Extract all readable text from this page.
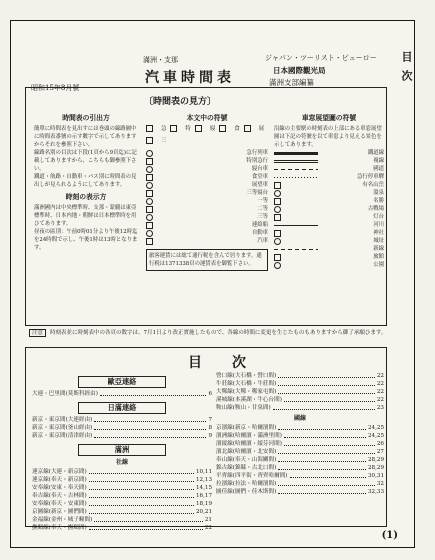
目次
昭和15年8月號
滿洲・支那
汽車時間表
ジャパン・ツーリスト・ビューロー
日本國際觀光局
滿洲支部編纂
〔時間表の見方〕
時間表の引出方
簡單に時間表を見出すには巻頭の線路圖中に時間表番號の示す數字で示してありますからそれを參照下さい。
線路名別の目次は下段(1頁から9頁迄)に記載してありますから、こちらも御參照下さい。
鐵道・航路・自動車・バス別に時間表の見出しが見られるようにしてあります。
時刻の表示方
滿洲國内は中央標準時、支那・蒙疆は東亞標準時、日本内地・朝鮮は日本標準時を用ひてあります。
昼夜の區別：午前0時01分より午後12時迄を24時間で示し、午後1時は13時となります。
本文中の符號
急	特	寢	食	展
三
急行列車
特別急行
寢台車
食堂車
展望車
三等寢台
一等
二等
三等
連絡船
自動車
汽車
旅客運賃には総て通行税を含んで居ります。通行税は1371338頁の運賃表を御覧下さい。
車窓展望圖の符號
沿線の主要駅の時刻表の上部にある車窓展望圖は下記の符號を以て車窓より見える景色を示してあります。
鐵道線
複線
國道
急行停車驛
有名山岳
溫泉
名勝
古戰場
灯台
河川
神社
城址
新線
旅館
公園
注意 時刻表並に時刻表中の各頁の数字は、7月1日より改正實施したもので、各線の時間に変更を生じたものもありますから御了承願ひます。
目次
歐亞連絡
大連・巴里間(莫斯科經由)	6
日滿連絡
新京・東京間(大連經由)	7
新京・東京間(釜山經由)	8
新京・東京間(清津經由)	9
滿洲
社線
連京線(大連・新京間)	10,11
連京線(奉天・新京間)	12,13
安奉線(安東・奉天間)	14,15
奉吉線(奉天・吉林間)	16,17
安奉線(奉天・安東間)	18,19
京圖線(新京・圖們間)	20,21
金福線(金州・城子疃間)	21
撫順線(奉天・撫順間)	22
營口線(大石橋・營口間)	22
牛莊線(大石橋・牛莊間)	22
大鄭線(大鄭・鄭家屯間)	22
溪城線(本溪湖・牛心台間)	22
鞍山線(鞍山・甘泉間)	23
國線
京濱線(新京・哈爾濱間)	24,25
濱洲線(哈爾濱・滿洲里間)	24,25
濱綏線(哈爾濱・綏芬河間)	26
濱北線(哈爾濱・北安間)	27
奉山線(奉天・山海關間)	28,29
錦古線(錦縣・古北口間)	28,29
平齊線(四平街・齊齊哈爾間)	30,31
拉濱線(拉法・哈爾濱間)	32
圖佳線(圖們・佳木斯間)	32,33
(1)
